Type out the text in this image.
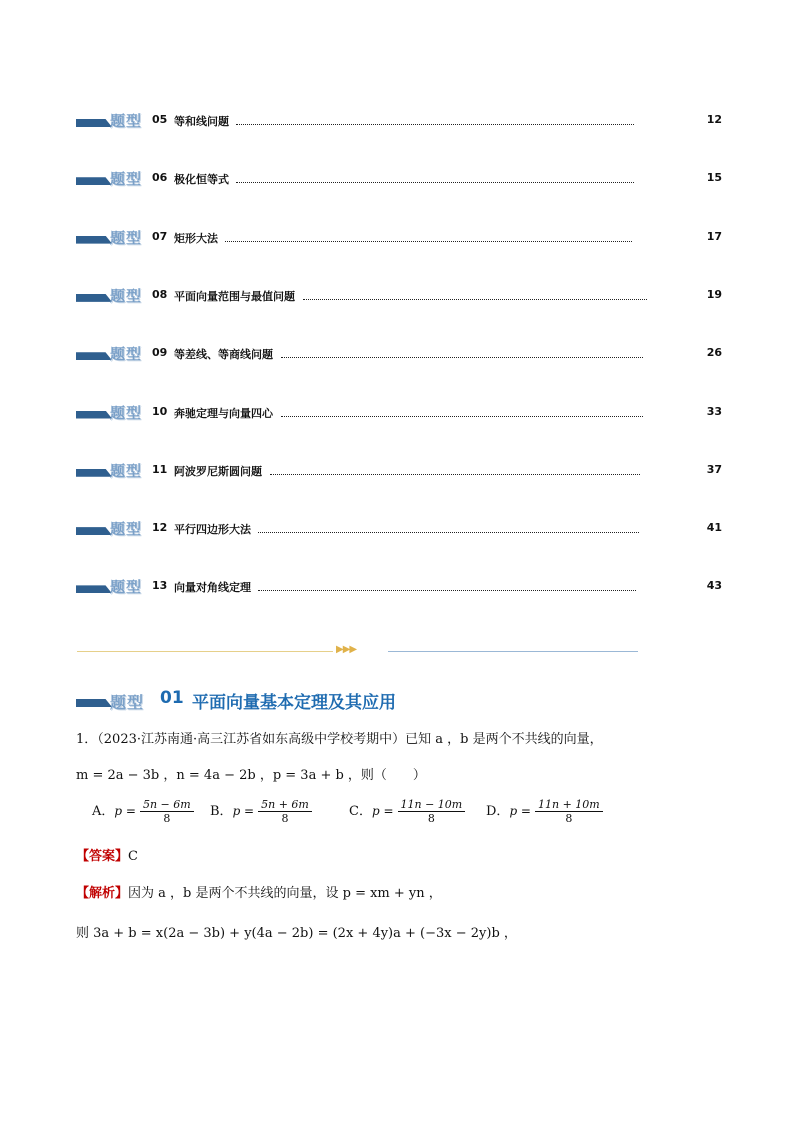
题型 05 等和线问题	12
题型 06 极化恒等式	15
题型 07 矩形大法	17
题型 08 平面向量范围与最值问题	19
题型 09 等差线、等商线问题	26
题型 10 奔驰定理与向量四心	33
题型 11 阿波罗尼斯圆问题	37
题型 12 平行四边形大法	41
题型 13 向量对角线定理	43
▶▶▶
题型 01 平面向量基本定理及其应用
1．（2023·江苏南通·高三江苏省如东高级中学校考期中）已知 a ，b 是两个不共线的向量，
m = 2a − 3b ，n = 4a − 2b ，p = 3a + b ，则（　　）
A．$p = \frac{5n - 6m}{8}$ B．$p = \frac{5n + 6m}{8}$	C．$p = \frac{11n - 10m}{8}$ D．$p = \frac{11n + 10m}{8}$
【答案】C
【解析】因为 a ，b 是两个不共线的向量，设 p = xm + yn ，
则 3a + b = x(2a − 3b) + y(4a − 2b) = (2x + 4y)a + (−3x − 2y)b ，
